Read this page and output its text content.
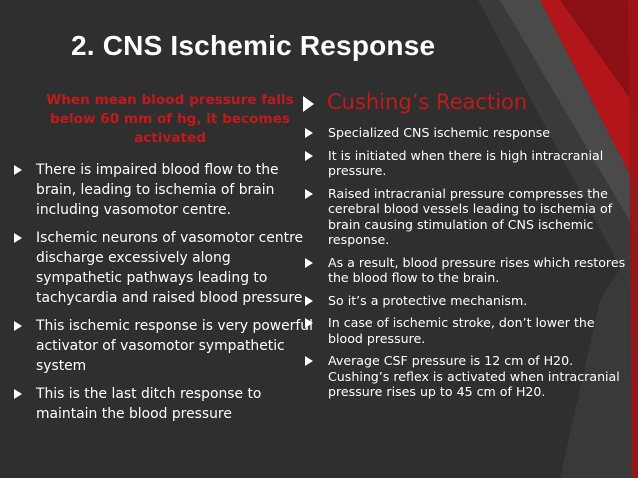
2. CNS Ischemic Response
When mean blood pressure falls below 60 mm of hg, it becomes activated
There is impaired blood flow to the brain, leading to ischemia of brain including vasomotor centre.
Ischemic neurons of vasomotor centre discharge excessively along sympathetic pathways leading to tachycardia and raised blood pressure
This ischemic response is very powerful activator of vasomotor sympathetic system
This is the last ditch response to maintain the blood pressure
Cushing’s Reaction
Specialized CNS ischemic response
It is initiated when there is high intracranial pressure.
Raised intracranial pressure compresses the cerebral blood vessels leading to ischemia of brain causing stimulation of CNS ischemic response.
As a result, blood pressure rises which restores the blood flow to the brain.
So it’s a protective mechanism.
In case of ischemic stroke, don’t lower the blood pressure.
Average CSF pressure is 12 cm of H20. Cushing’s reflex is activated when intracranial pressure rises up to 45 cm of H20.
